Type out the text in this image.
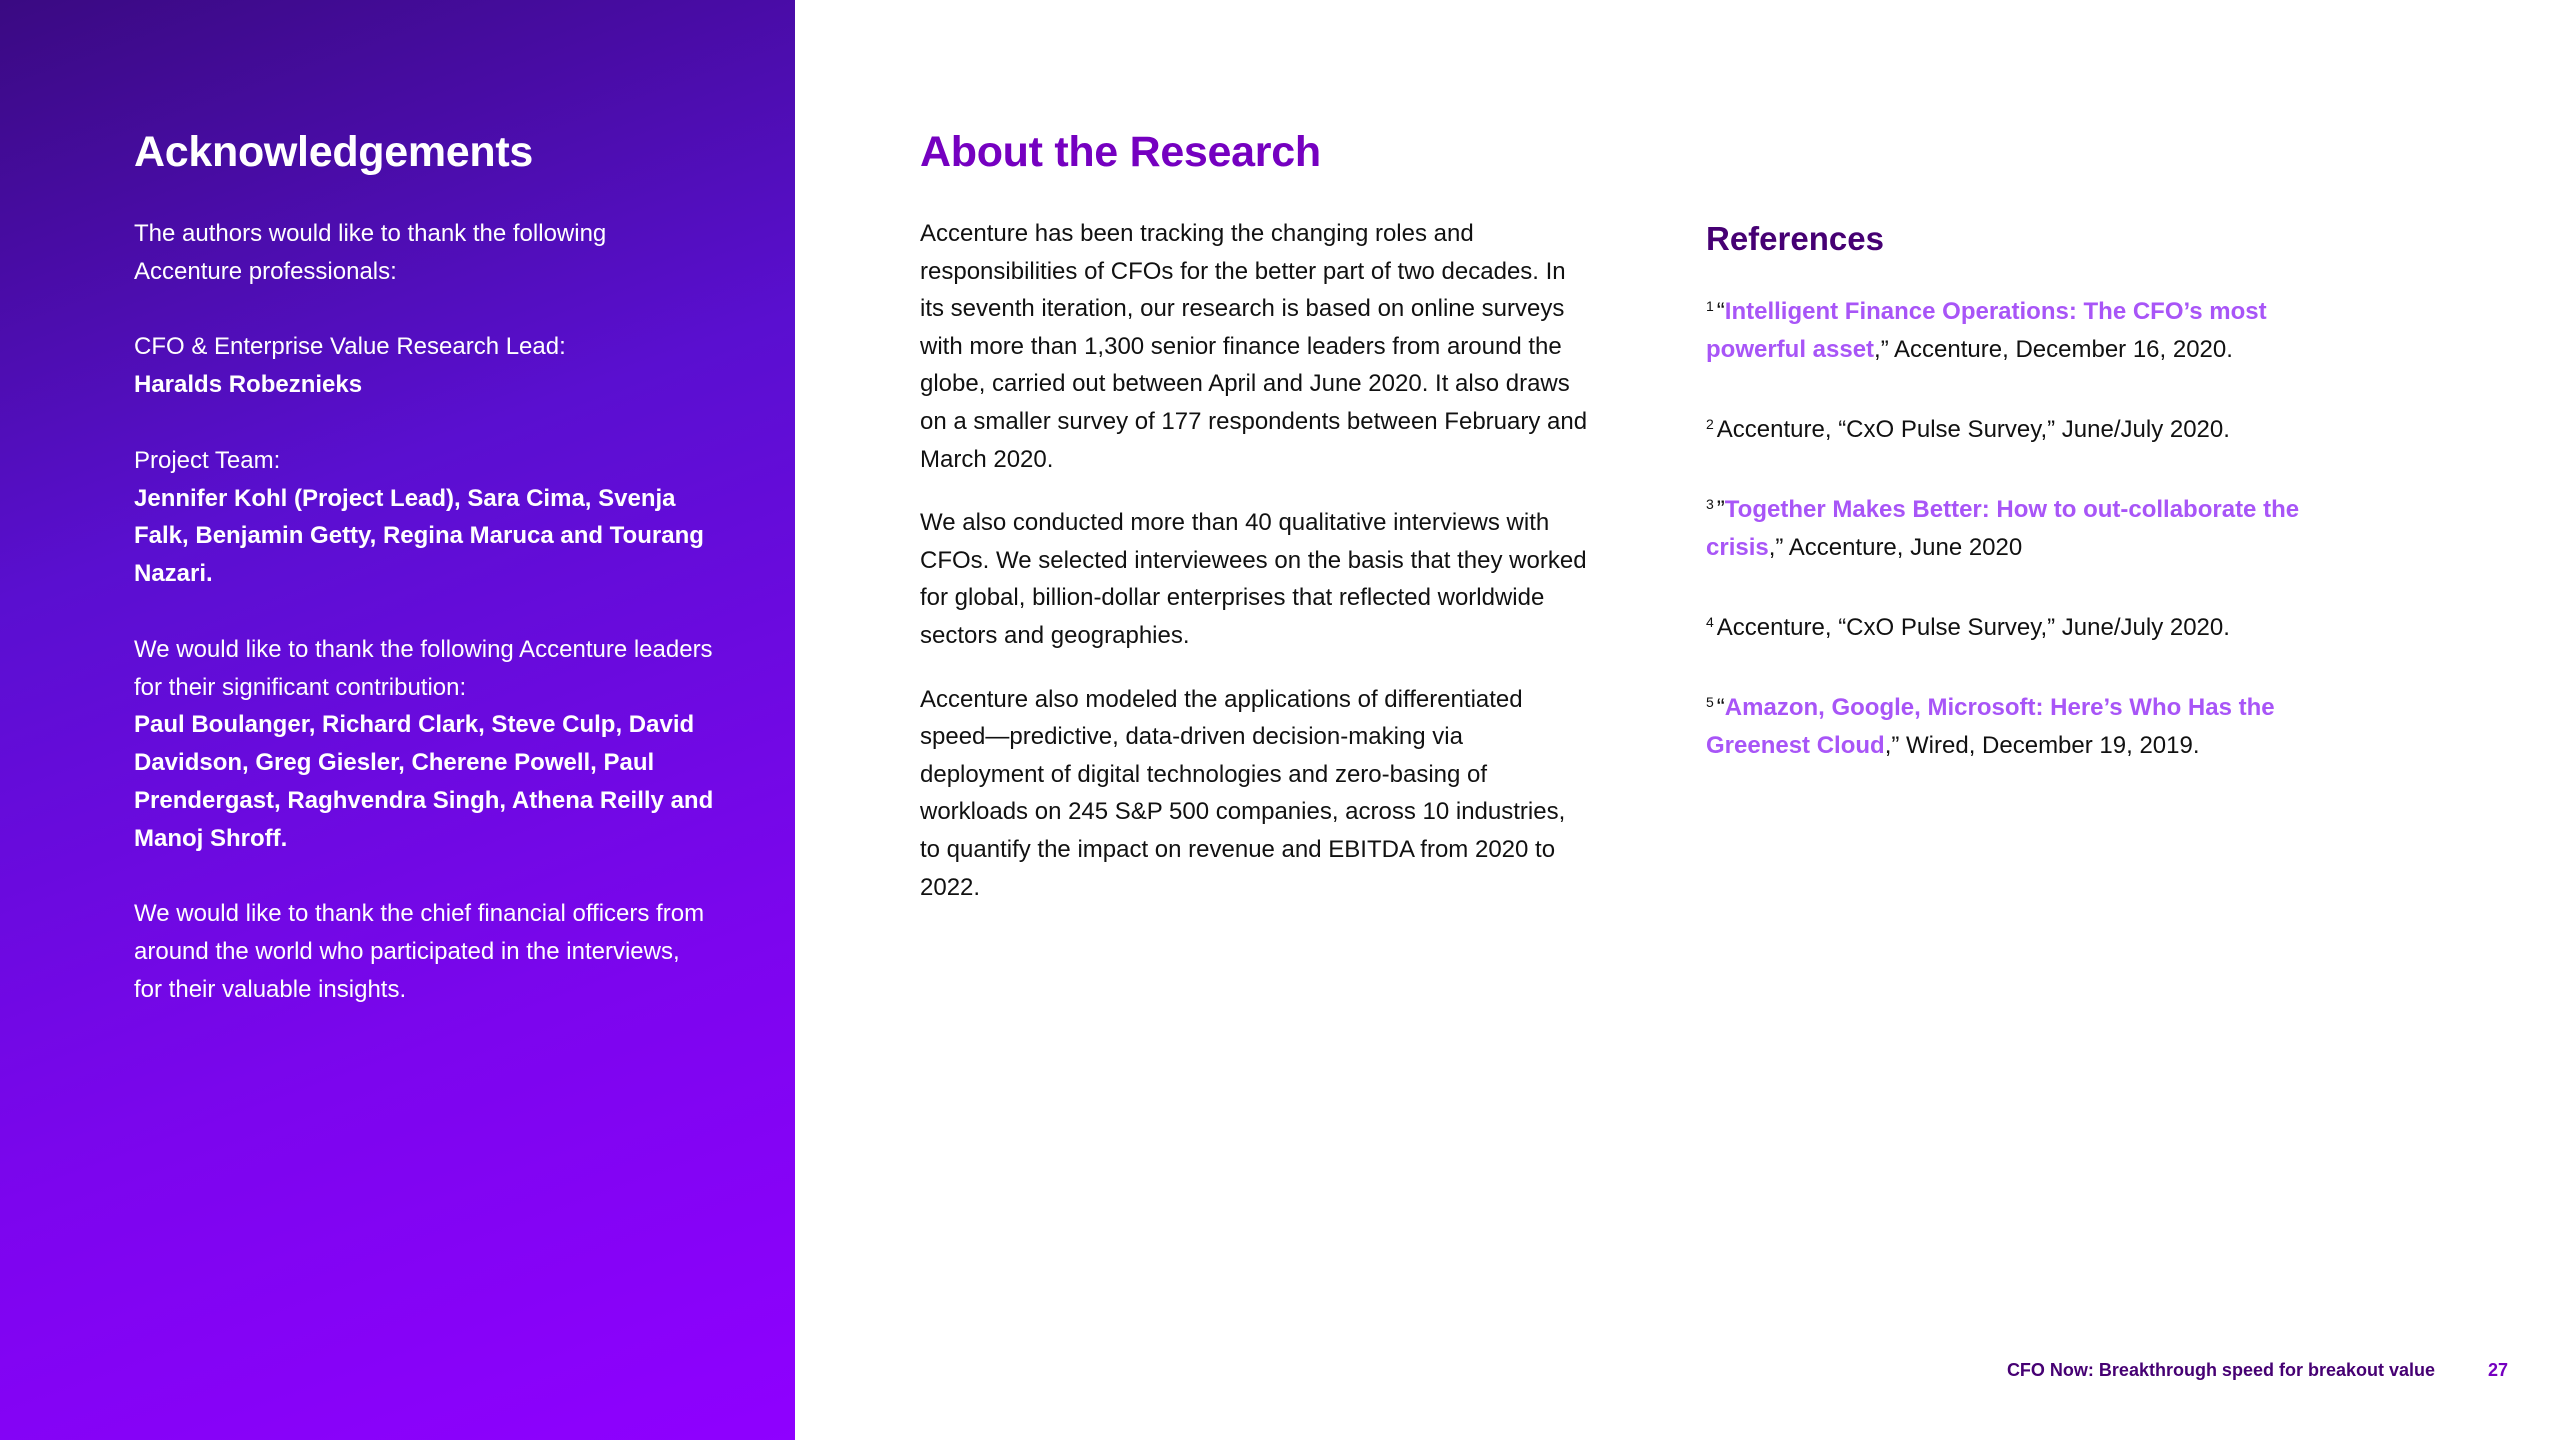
Acknowledgements

The authors would like to thank the following Accenture professionals:

CFO & Enterprise Value Research Lead:
Haralds Robeznieks

Project Team:
Jennifer Kohl (Project Lead), Sara Cima, Svenja Falk, Benjamin Getty, Regina Maruca and Tourang Nazari.

We would like to thank the following Accenture leaders for their significant contribution:
Paul Boulanger, Richard Clark, Steve Culp, David Davidson, Greg Giesler, Cherene Powell, Paul Prendergast, Raghvendra Singh, Athena Reilly and Manoj Shroff.

We would like to thank the chief financial officers from around the world who participated in the interviews, for their valuable insights.

About the Research

Accenture has been tracking the changing roles and responsibilities of CFOs for the better part of two decades. In its seventh iteration, our research is based on online surveys with more than 1,300 senior finance leaders from around the globe, carried out between April and June 2020. It also draws on a smaller survey of 177 respondents between February and March 2020.

We also conducted more than 40 qualitative interviews with CFOs. We selected interviewees on the basis that they worked for global, billion-dollar enterprises that reflected worldwide sectors and geographies.

Accenture also modeled the applications of differentiated speed—predictive, data-driven decision-making via deployment of digital technologies and zero-basing of workloads on 245 S&P 500 companies, across 10 industries, to quantify the impact on revenue and EBITDA from 2020 to 2022.

References
$^1$ “Intelligent Finance Operations: The CFO’s most powerful asset,” Accenture, December 16, 2020.
$^2$ Accenture, “CxO Pulse Survey,” June/July 2020.
$^3$ ”Together Makes Better: How to out-collaborate the crisis,” Accenture, June 2020
$^4$ Accenture, “CxO Pulse Survey,” June/July 2020.
$^5$ “Amazon, Google, Microsoft: Here’s Who Has the Greenest Cloud,” Wired, December 19, 2019.
CFO Now: Breakthrough speed for breakout value	27
